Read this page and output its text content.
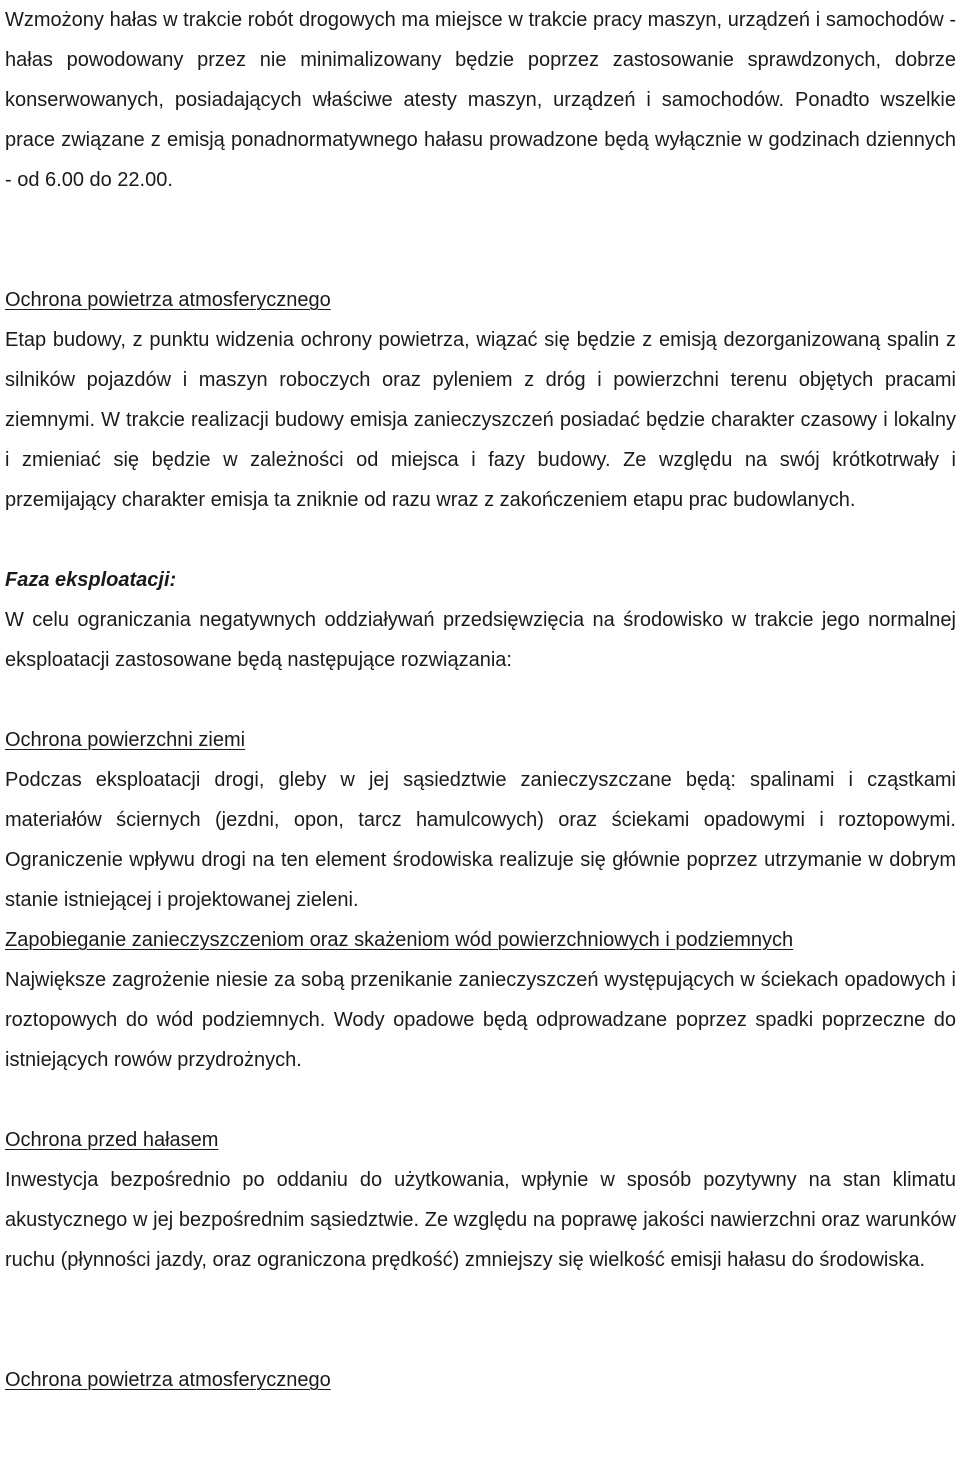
Wzmożony hałas w trakcie robót drogowych ma miejsce w trakcie pracy maszyn, urządzeń i samochodów - hałas powodowany przez nie minimalizowany będzie poprzez zastosowanie sprawdzonych, dobrze konserwowanych, posiadających właściwe atesty maszyn, urządzeń i samochodów. Ponadto wszelkie prace związane z emisją ponadnormatywnego hałasu prowadzone będą wyłącznie w godzinach dziennych - od 6.00 do 22.00.

Ochrona powietrza atmosferycznego

Etap budowy, z punktu widzenia ochrony powietrza, wiązać się będzie z emisją dezorganizowaną spalin z silników pojazdów i maszyn roboczych oraz pyleniem z dróg i powierzchni terenu objętych pracami ziemnymi. W trakcie realizacji budowy emisja zanieczyszczeń posiadać będzie charakter czasowy i lokalny i zmieniać się będzie w zależności od miejsca i fazy budowy. Ze względu na swój krótkotrwały i przemijający charakter emisja ta zniknie od razu wraz z zakończeniem etapu prac budowlanych.

Faza eksploatacji:

W celu ograniczania negatywnych oddziaływań przedsięwzięcia na środowisko w trakcie jego normalnej eksploatacji zastosowane będą następujące rozwiązania:

Ochrona powierzchni ziemi

Podczas eksploatacji drogi, gleby w jej sąsiedztwie zanieczyszczane będą: spalinami i cząstkami materiałów ściernych (jezdni, opon, tarcz hamulcowych) oraz ściekami opadowymi i roztopowymi. Ograniczenie wpływu drogi na ten element środowiska realizuje się głównie poprzez utrzymanie w dobrym stanie istniejącej i projektowanej zieleni.

Zapobieganie zanieczyszczeniom oraz skażeniom wód powierzchniowych i podziemnych

Największe zagrożenie niesie za sobą przenikanie zanieczyszczeń występujących w ściekach opadowych i roztopowych do wód podziemnych. Wody opadowe będą odprowadzane poprzez spadki poprzeczne do istniejących rowów przydrożnych.

Ochrona przed hałasem

Inwestycja bezpośrednio po oddaniu do użytkowania, wpłynie w sposób pozytywny na stan klimatu akustycznego w jej bezpośrednim sąsiedztwie. Ze względu na poprawę jakości nawierzchni oraz warunków ruchu (płynności jazdy, oraz ograniczona prędkość) zmniejszy się wielkość emisji hałasu do środowiska.

Ochrona powietrza atmosferycznego
